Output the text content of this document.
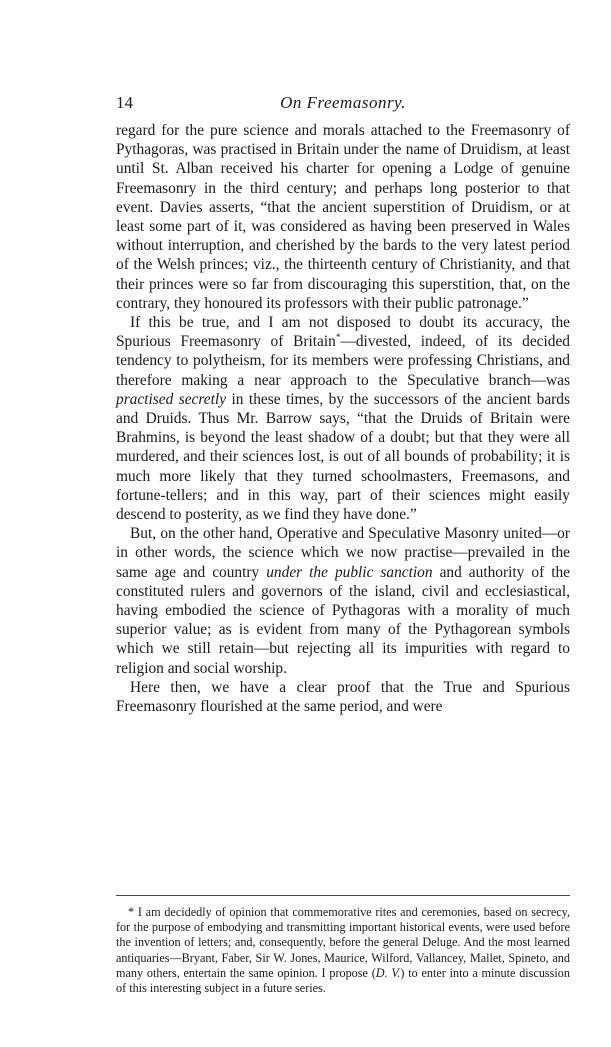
14	On Freemasonry.

regard for the pure science and morals attached to the Freemasonry of Pythagoras, was practised in Britain under the name of Druidism, at least until St. Alban received his charter for opening a Lodge of genuine Freemasonry in the third century; and perhaps long posterior to that event. Davies asserts, “that the ancient superstition of Druidism, or at least some part of it, was considered as having been preserved in Wales without interruption, and cherished by the bards to the very latest period of the Welsh princes; viz., the thirteenth century of Christianity, and that their princes were so far from discouraging this superstition, that, on the contrary, they honoured its professors with their public patronage.”

If this be true, and I am not disposed to doubt its accuracy, the Spurious Freemasonry of Britain*—divested, indeed, of its decided tendency to polytheism, for its members were professing Christians, and therefore making a near approach to the Speculative branch—was practised secretly in these times, by the successors of the ancient bards and Druids. Thus Mr. Barrow says, “that the Druids of Britain were Brahmins, is beyond the least shadow of a doubt; but that they were all murdered, and their sciences lost, is out of all bounds of probability; it is much more likely that they turned schoolmasters, Freemasons, and fortune-tellers; and in this way, part of their sciences might easily descend to posterity, as we find they have done.”

But, on the other hand, Operative and Speculative Masonry united—or in other words, the science which we now practise—prevailed in the same age and country under the public sanction and authority of the constituted rulers and governors of the island, civil and ecclesiastical, having embodied the science of Pythagoras with a morality of much superior value; as is evident from many of the Pythagorean symbols which we still retain—but rejecting all its impurities with regard to religion and social worship.

Here then, we have a clear proof that the True and Spurious Freemasonry flourished at the same period, and were

* I am decidedly of opinion that commemorative rites and ceremonies, based on secrecy, for the purpose of embodying and transmitting important historical events, were used before the invention of letters; and, consequently, before the general Deluge. And the most learned antiquaries—Bryant, Faber, Sir W. Jones, Maurice, Wilford, Vallancey, Mallet, Spineto, and many others, entertain the same opinion. I propose (D. V.) to enter into a minute discussion of this interesting subject in a future series.
